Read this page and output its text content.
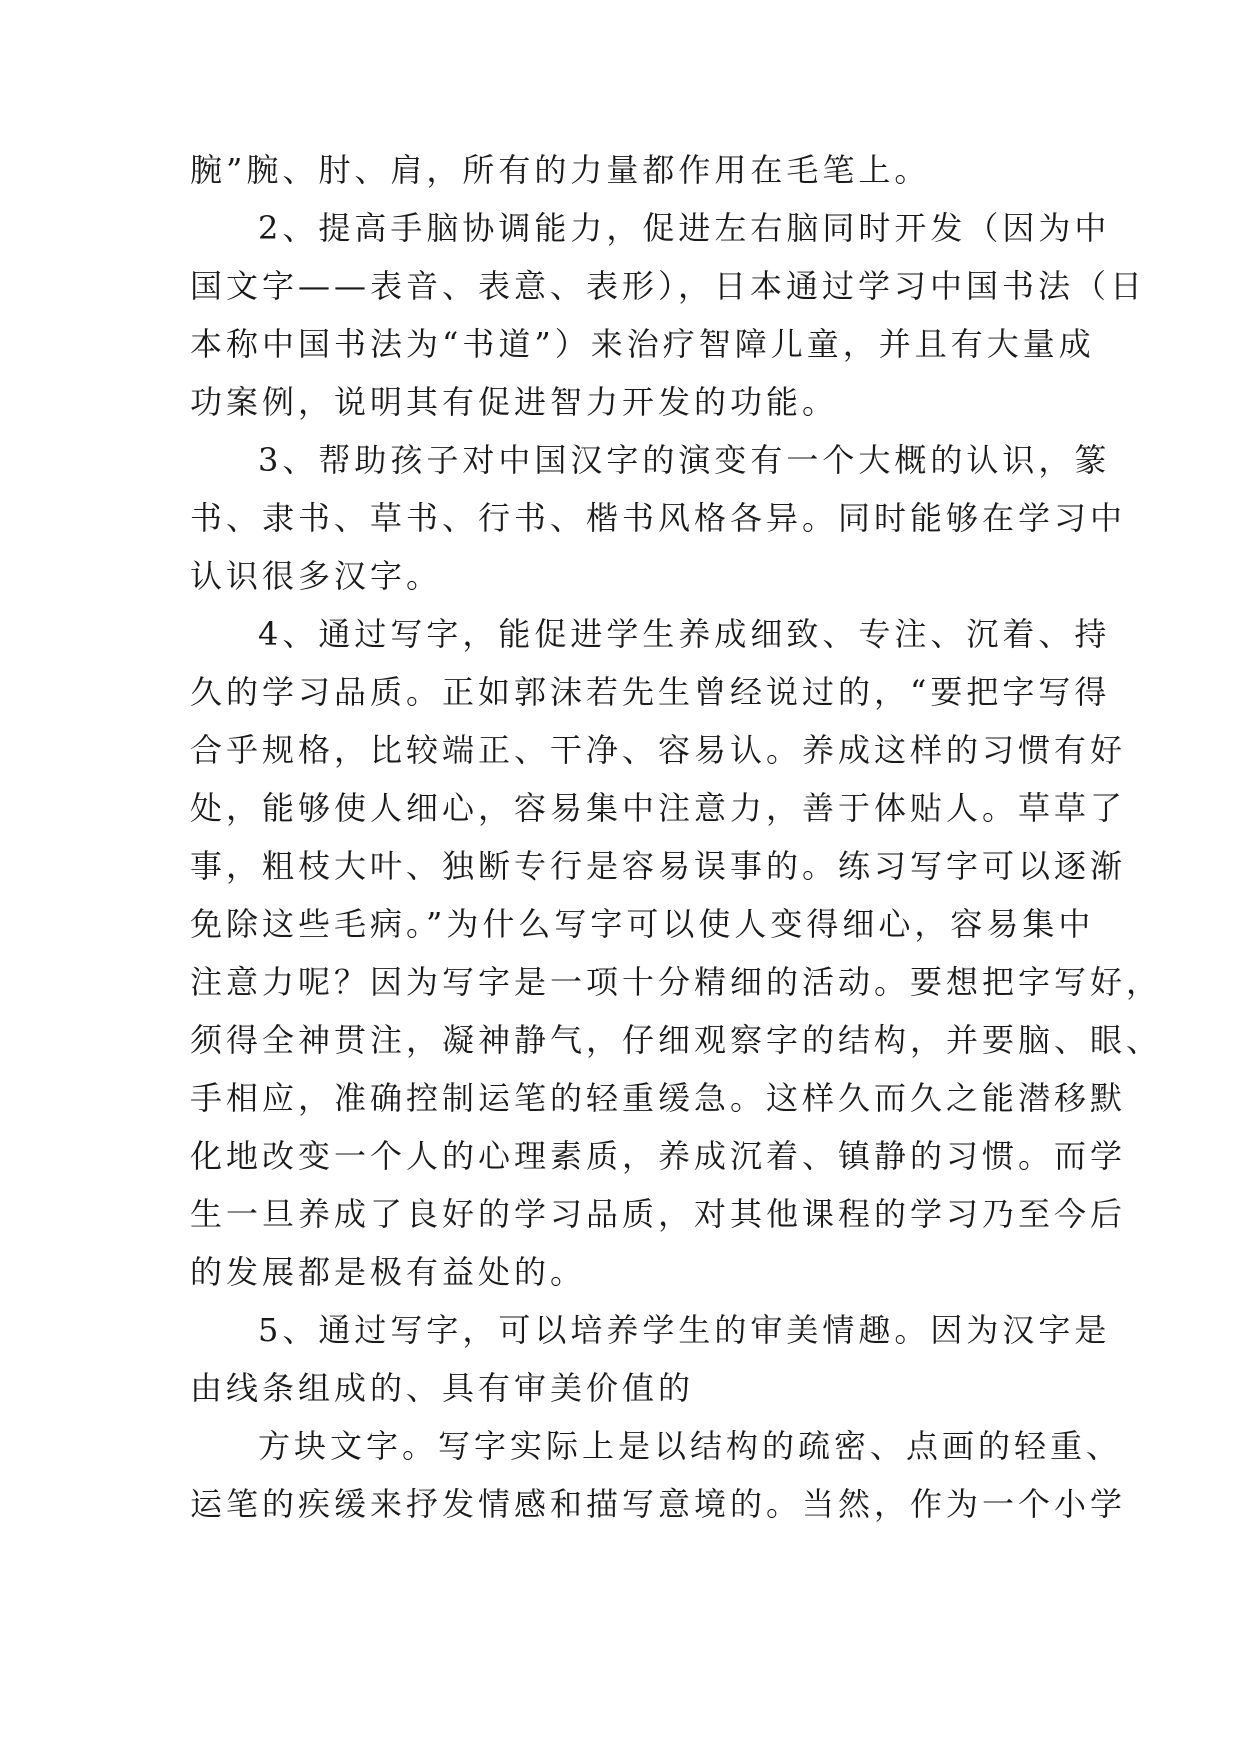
腕”腕、肘、肩，所有的力量都作用在毛笔上。
2、提高手脑协调能力，促进左右脑同时开发（因为中
国文字——表音、表意、表形），日本通过学习中国书法（日
本称中国书法为“书道”）来治疗智障儿童，并且有大量成
功案例，说明其有促进智力开发的功能。
3、帮助孩子对中国汉字的演变有一个大概的认识，篆
书、隶书、草书、行书、楷书风格各异。同时能够在学习中
认识很多汉字。
4、通过写字，能促进学生养成细致、专注、沉着、持
久的学习品质。正如郭沫若先生曾经说过的，“要把字写得
合乎规格，比较端正、干净、容易认。养成这样的习惯有好
处，能够使人细心，容易集中注意力，善于体贴人。草草了
事，粗枝大叶、独断专行是容易误事的。练习写字可以逐渐
免除这些毛病。”为什么写字可以使人变得细心，容易集中
注意力呢？因为写字是一项十分精细的活动。要想把字写好，
须得全神贯注，凝神静气，仔细观察字的结构，并要脑、眼、
手相应，准确控制运笔的轻重缓急。这样久而久之能潜移默
化地改变一个人的心理素质，养成沉着、镇静的习惯。而学
生一旦养成了良好的学习品质，对其他课程的学习乃至今后
的发展都是极有益处的。
5、通过写字，可以培养学生的审美情趣。因为汉字是
由线条组成的、具有审美价值的
方块文字。写字实际上是以结构的疏密、点画的轻重、
运笔的疾缓来抒发情感和描写意境的。当然，作为一个小学
